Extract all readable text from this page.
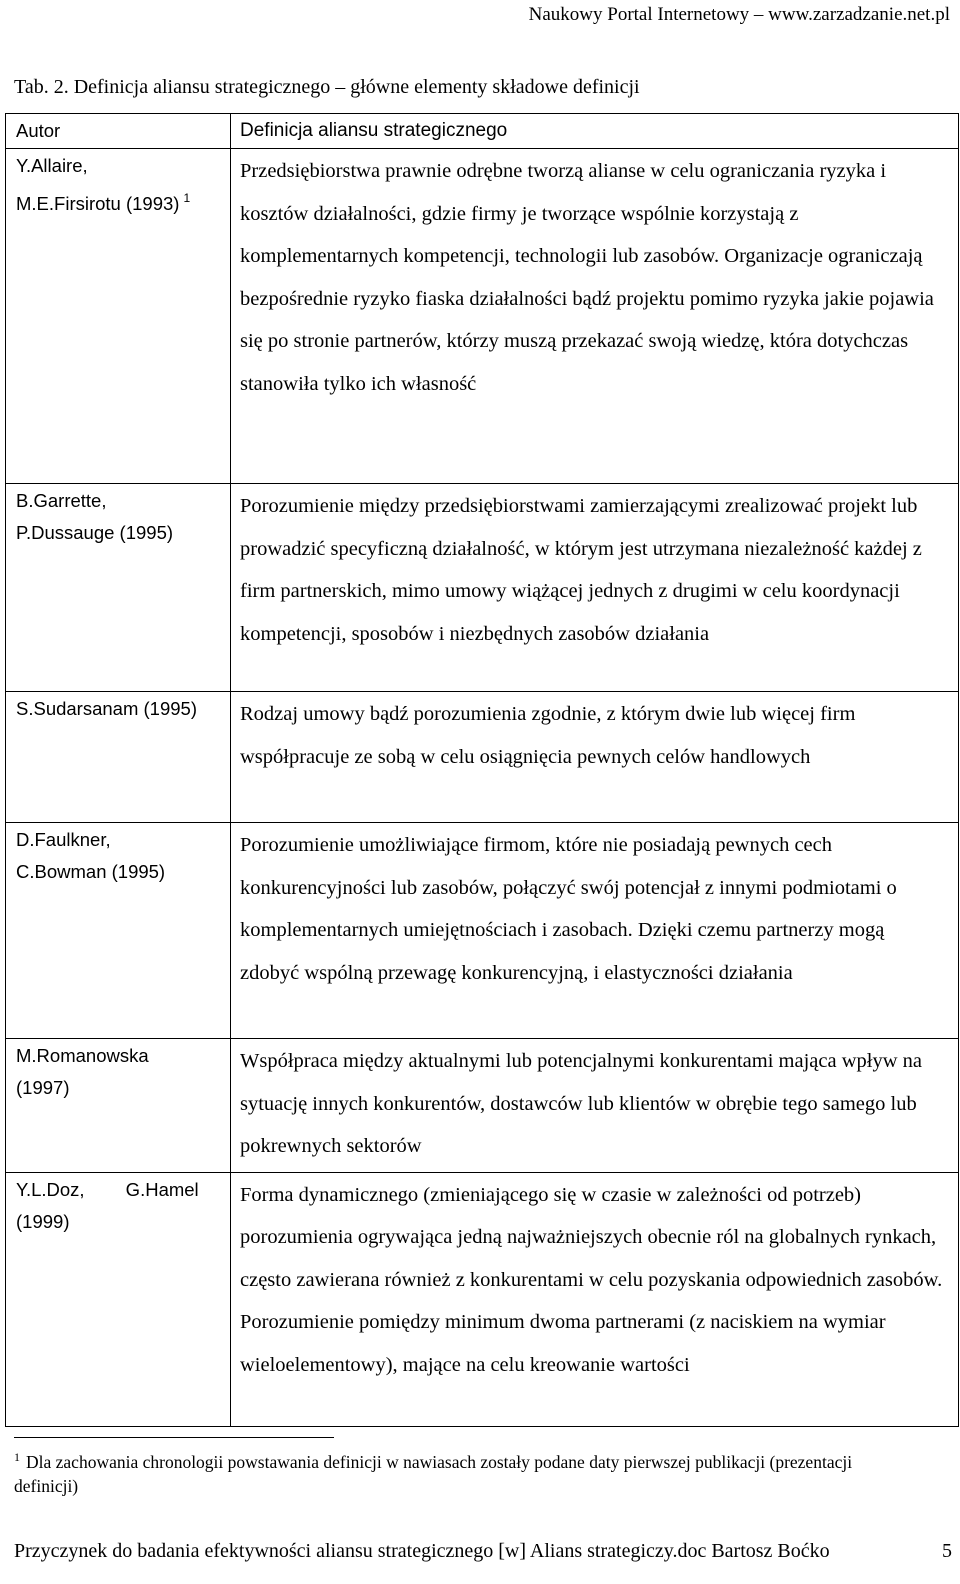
Naukowy Portal Internetowy – www.zarzadzanie.net.pl
Tab. 2. Definicja aliansu strategicznego – główne elementy składowe definicji
Autor	Definicja aliansu strategicznego

Y.Allaire,
M.E.Firsirotu (1993) $^1$	Przedsiębiorstwa prawnie odrębne tworzą alianse w celu ograniczania ryzyka i kosztów działalności, gdzie firmy je tworzące wspólnie korzystają z komplementarnych kompetencji, technologii lub zasobów. Organizacje ograniczają bezpośrednie ryzyko fiaska działalności bądź projektu pomimo ryzyka jakie pojawia się po stronie partnerów, którzy muszą przekazać swoją wiedzę, która dotychczas stanowiła tylko ich własność

B.Garrette,
P.Dussauge (1995)	Porozumienie między przedsiębiorstwami zamierzającymi zrealizować projekt lub prowadzić specyficzną działalność, w którym jest utrzymana niezależność każdej z firm partnerskich, mimo umowy wiążącej jednych z drugimi w celu koordynacji kompetencji, sposobów i niezbędnych zasobów działania

S.Sudarsanam (1995)	Rodzaj umowy bądź porozumienia zgodnie, z którym dwie lub więcej firm współpracuje ze sobą w celu osiągnięcia pewnych celów handlowych

D.Faulkner,
C.Bowman (1995)	Porozumienie umożliwiające firmom, które nie posiadają pewnych cech konkurencyjności lub zasobów, połączyć swój potencjał z innymi podmiotami o komplementarnych umiejętnościach i zasobach. Dzięki czemu partnerzy mogą zdobyć wspólną przewagę konkurencyjną, i elastyczności działania

M.Romanowska
(1997)	Współpraca między aktualnymi lub potencjalnymi konkurentami mająca wpływ na sytuację innych konkurentów, dostawców lub klientów w obrębie tego samego lub pokrewnych sektorów

Y.L.Doz,        G.Hamel
(1999)	Forma dynamicznego (zmieniającego się w czasie w zależności od potrzeb) porozumienia ogrywająca jedną najważniejszych obecnie ról na globalnych rynkach, często zawierana również z konkurentami w celu pozyskania odpowiednich zasobów. Porozumienie pomiędzy minimum dwoma partnerami (z naciskiem na wymiar wieloelementowy), mające na celu kreowanie wartości
$^1$ Dla zachowania chronologii powstawania definicji w nawiasach zostały podane daty pierwszej publikacji (prezentacji definicji)
Przyczynek do badania efektywności aliansu strategicznego [w] Alians strategiczy.doc Bartosz Boćko	5
